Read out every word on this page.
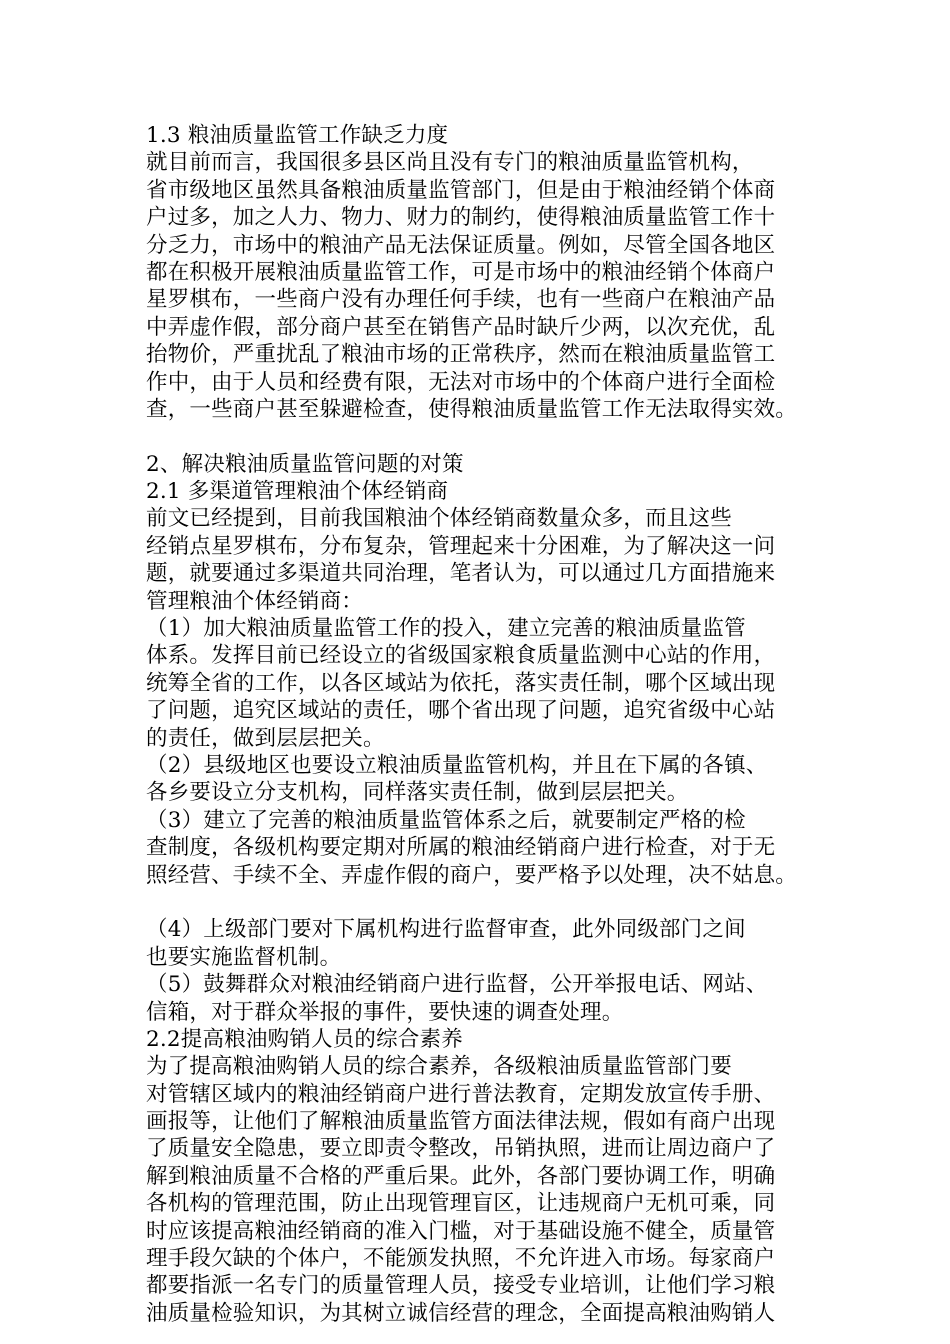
1.3 粮油质量监管工作缺乏力度
就目前而言，我国很多县区尚且没有专门的粮油质量监管机构，
省市级地区虽然具备粮油质量监管部门，但是由于粮油经销个体商
户过多，加之人力、物力、财力的制约，使得粮油质量监管工作十
分乏力，市场中的粮油产品无法保证质量。例如，尽管全国各地区
都在积极开展粮油质量监管工作，可是市场中的粮油经销个体商户
星罗棋布，一些商户没有办理任何手续，也有一些商户在粮油产品
中弄虚作假，部分商户甚至在销售产品时缺斤少两，以次充优，乱
抬物价，严重扰乱了粮油市场的正常秩序，然而在粮油质量监管工
作中，由于人员和经费有限，无法对市场中的个体商户进行全面检
查，一些商户甚至躲避检查，使得粮油质量监管工作无法取得实效。
2、解决粮油质量监管问题的对策
2.1 多渠道管理粮油个体经销商
前文已经提到，目前我国粮油个体经销商数量众多，而且这些
经销点星罗棋布，分布复杂，管理起来十分困难，为了解决这一问
题，就要通过多渠道共同治理，笔者认为，可以通过几方面措施来
管理粮油个体经销商：
（1）加大粮油质量监管工作的投入，建立完善的粮油质量监管
体系。发挥目前已经设立的省级国家粮食质量监测中心站的作用，
统筹全省的工作，以各区域站为依托，落实责任制，哪个区域出现
了问题，追究区域站的责任，哪个省出现了问题，追究省级中心站
的责任，做到层层把关。
（2）县级地区也要设立粮油质量监管机构，并且在下属的各镇、
各乡要设立分支机构，同样落实责任制，做到层层把关。
（3）建立了完善的粮油质量监管体系之后，就要制定严格的检
查制度，各级机构要定期对所属的粮油经销商户进行检查，对于无
照经营、手续不全、弄虚作假的商户，要严格予以处理，决不姑息。
（4）上级部门要对下属机构进行监督审查，此外同级部门之间
也要实施监督机制。
（5）鼓舞群众对粮油经销商户进行监督，公开举报电话、网站、
信箱，对于群众举报的事件，要快速的调查处理。
2.2提高粮油购销人员的综合素养
为了提高粮油购销人员的综合素养，各级粮油质量监管部门要
对管辖区域内的粮油经销商户进行普法教育，定期发放宣传手册、
画报等，让他们了解粮油质量监管方面法律法规，假如有商户出现
了质量安全隐患，要立即责令整改，吊销执照，进而让周边商户了
解到粮油质量不合格的严重后果。此外，各部门要协调工作，明确
各机构的管理范围，防止出现管理盲区，让违规商户无机可乘，同
时应该提高粮油经销商的准入门槛，对于基础设施不健全，质量管
理手段欠缺的个体户，不能颁发执照，不允许进入市场。每家商户
都要指派一名专门的质量管理人员，接受专业培训，让他们学习粮
油质量检验知识，为其树立诚信经营的理念，全面提高粮油购销人
